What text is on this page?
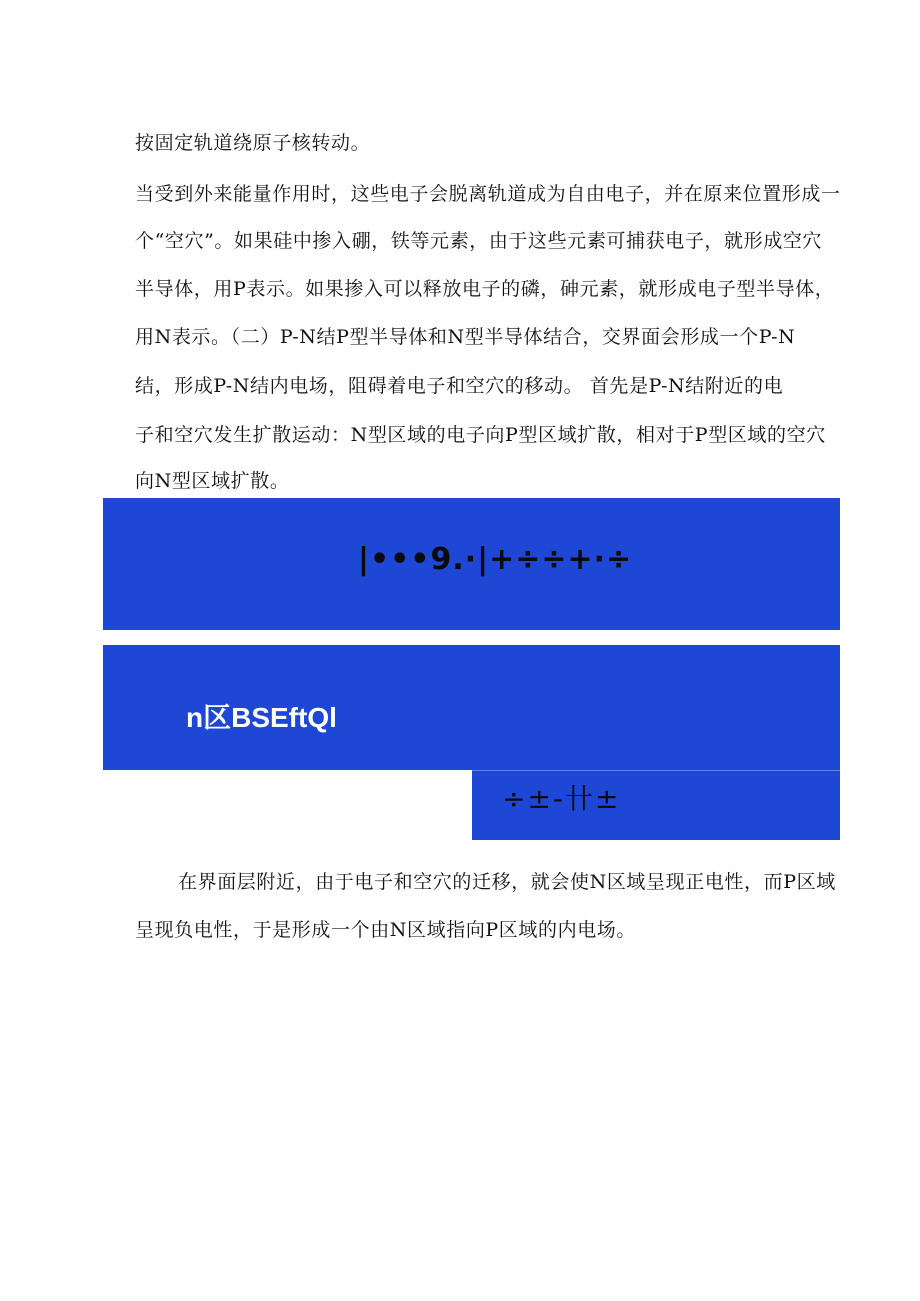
按固定轨道绕原子核转动。
当受到外来能量作用时，这些电子会脱离轨道成为自由电子，并在原来位置形成一
个“空穴”。如果硅中掺入硼，铁等元素，由于这些元素可捕获电子，就形成空穴
半导体，用P表示。如果掺入可以释放电子的磷，砷元素，就形成电子型半导体，
用N表示。（二）P-N结P型半导体和N型半导体结合，交界面会形成一个P-N
结，形成P-N结内电场，阻碍着电子和空穴的移动。 首先是P-N结附近的电
子和空穴发生扩散运动：N型区域的电子向P型区域扩散，相对于P型区域的空穴
向N型区域扩散。
|•••9.·|+÷÷+·÷
n区BSEftQl
÷±-卄±
在界面层附近，由于电子和空穴的迁移，就会使N区域呈现正电性，而P区域
呈现负电性，于是形成一个由N区域指向P区域的内电场。
